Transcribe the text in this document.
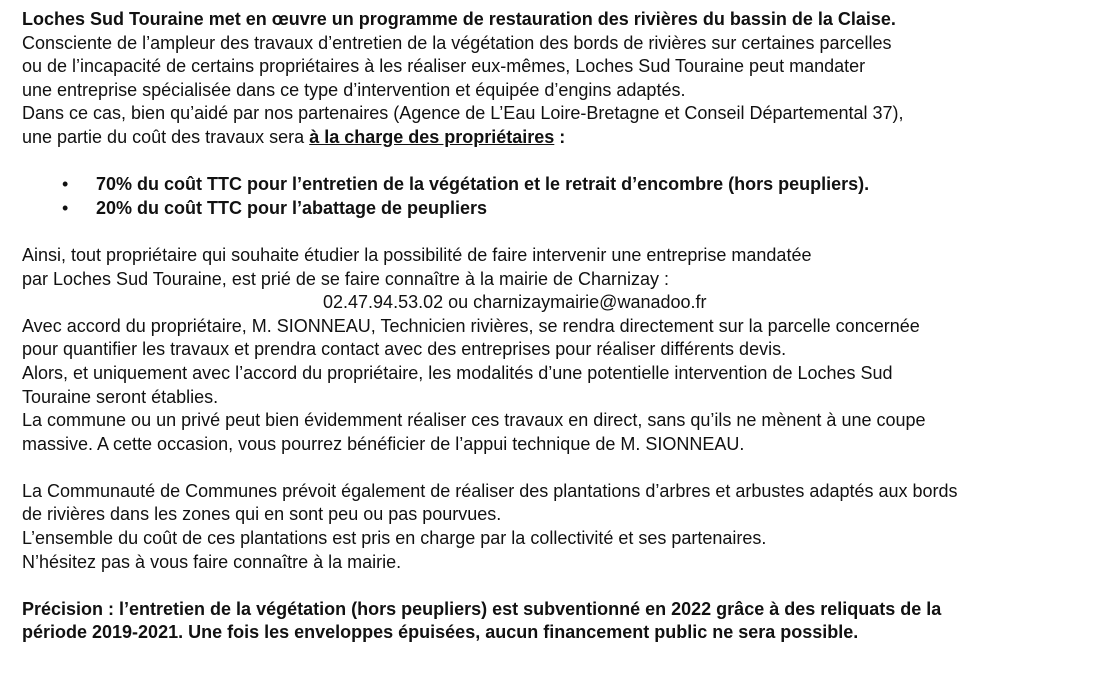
Loches Sud Touraine met en œuvre un programme de restauration des rivières du bassin de la Claise.
Consciente de l’ampleur des travaux d’entretien de la végétation des bords de rivières sur certaines parcelles
ou de l’incapacité de certains propriétaires à les réaliser eux-mêmes, Loches Sud Touraine peut mandater
une entreprise spécialisée dans ce type d’intervention et équipée d’engins adaptés.
Dans ce cas, bien qu’aidé par nos partenaires (Agence de L’Eau Loire-Bretagne et Conseil Départemental 37),
une partie du coût des travaux sera à la charge des propriétaires :
• 70% du coût TTC pour l’entretien de la végétation et le retrait d’encombre (hors peupliers).
• 20% du coût TTC pour l’abattage de peupliers
Ainsi, tout propriétaire qui souhaite étudier la possibilité de faire intervenir une entreprise mandatée
par Loches Sud Touraine, est prié de se faire connaître à la mairie de Charnizay :
02.47.94.53.02 ou charnizaymairie@wanadoo.fr
Avec accord du propriétaire, M. SIONNEAU, Technicien rivières, se rendra directement sur la parcelle concernée
pour quantifier les travaux et prendra contact avec des entreprises pour réaliser différents devis.
Alors, et uniquement avec l’accord du propriétaire, les modalités d’une potentielle intervention de Loches Sud
Touraine seront établies.
La commune ou un privé peut bien évidemment réaliser ces travaux en direct, sans qu’ils ne mènent à une coupe
massive. A cette occasion, vous pourrez bénéficier de l’appui technique de M. SIONNEAU.
La Communauté de Communes prévoit également de réaliser des plantations d’arbres et arbustes adaptés aux bords
de rivières dans les zones qui en sont peu ou pas pourvues.
L’ensemble du coût de ces plantations est pris en charge par la collectivité et ses partenaires.
N’hésitez pas à vous faire connaître à la mairie.
Précision : l’entretien de la végétation (hors peupliers) est subventionné en 2022 grâce à des reliquats de la
période 2019-2021. Une fois les enveloppes épuisées, aucun financement public ne sera possible.
